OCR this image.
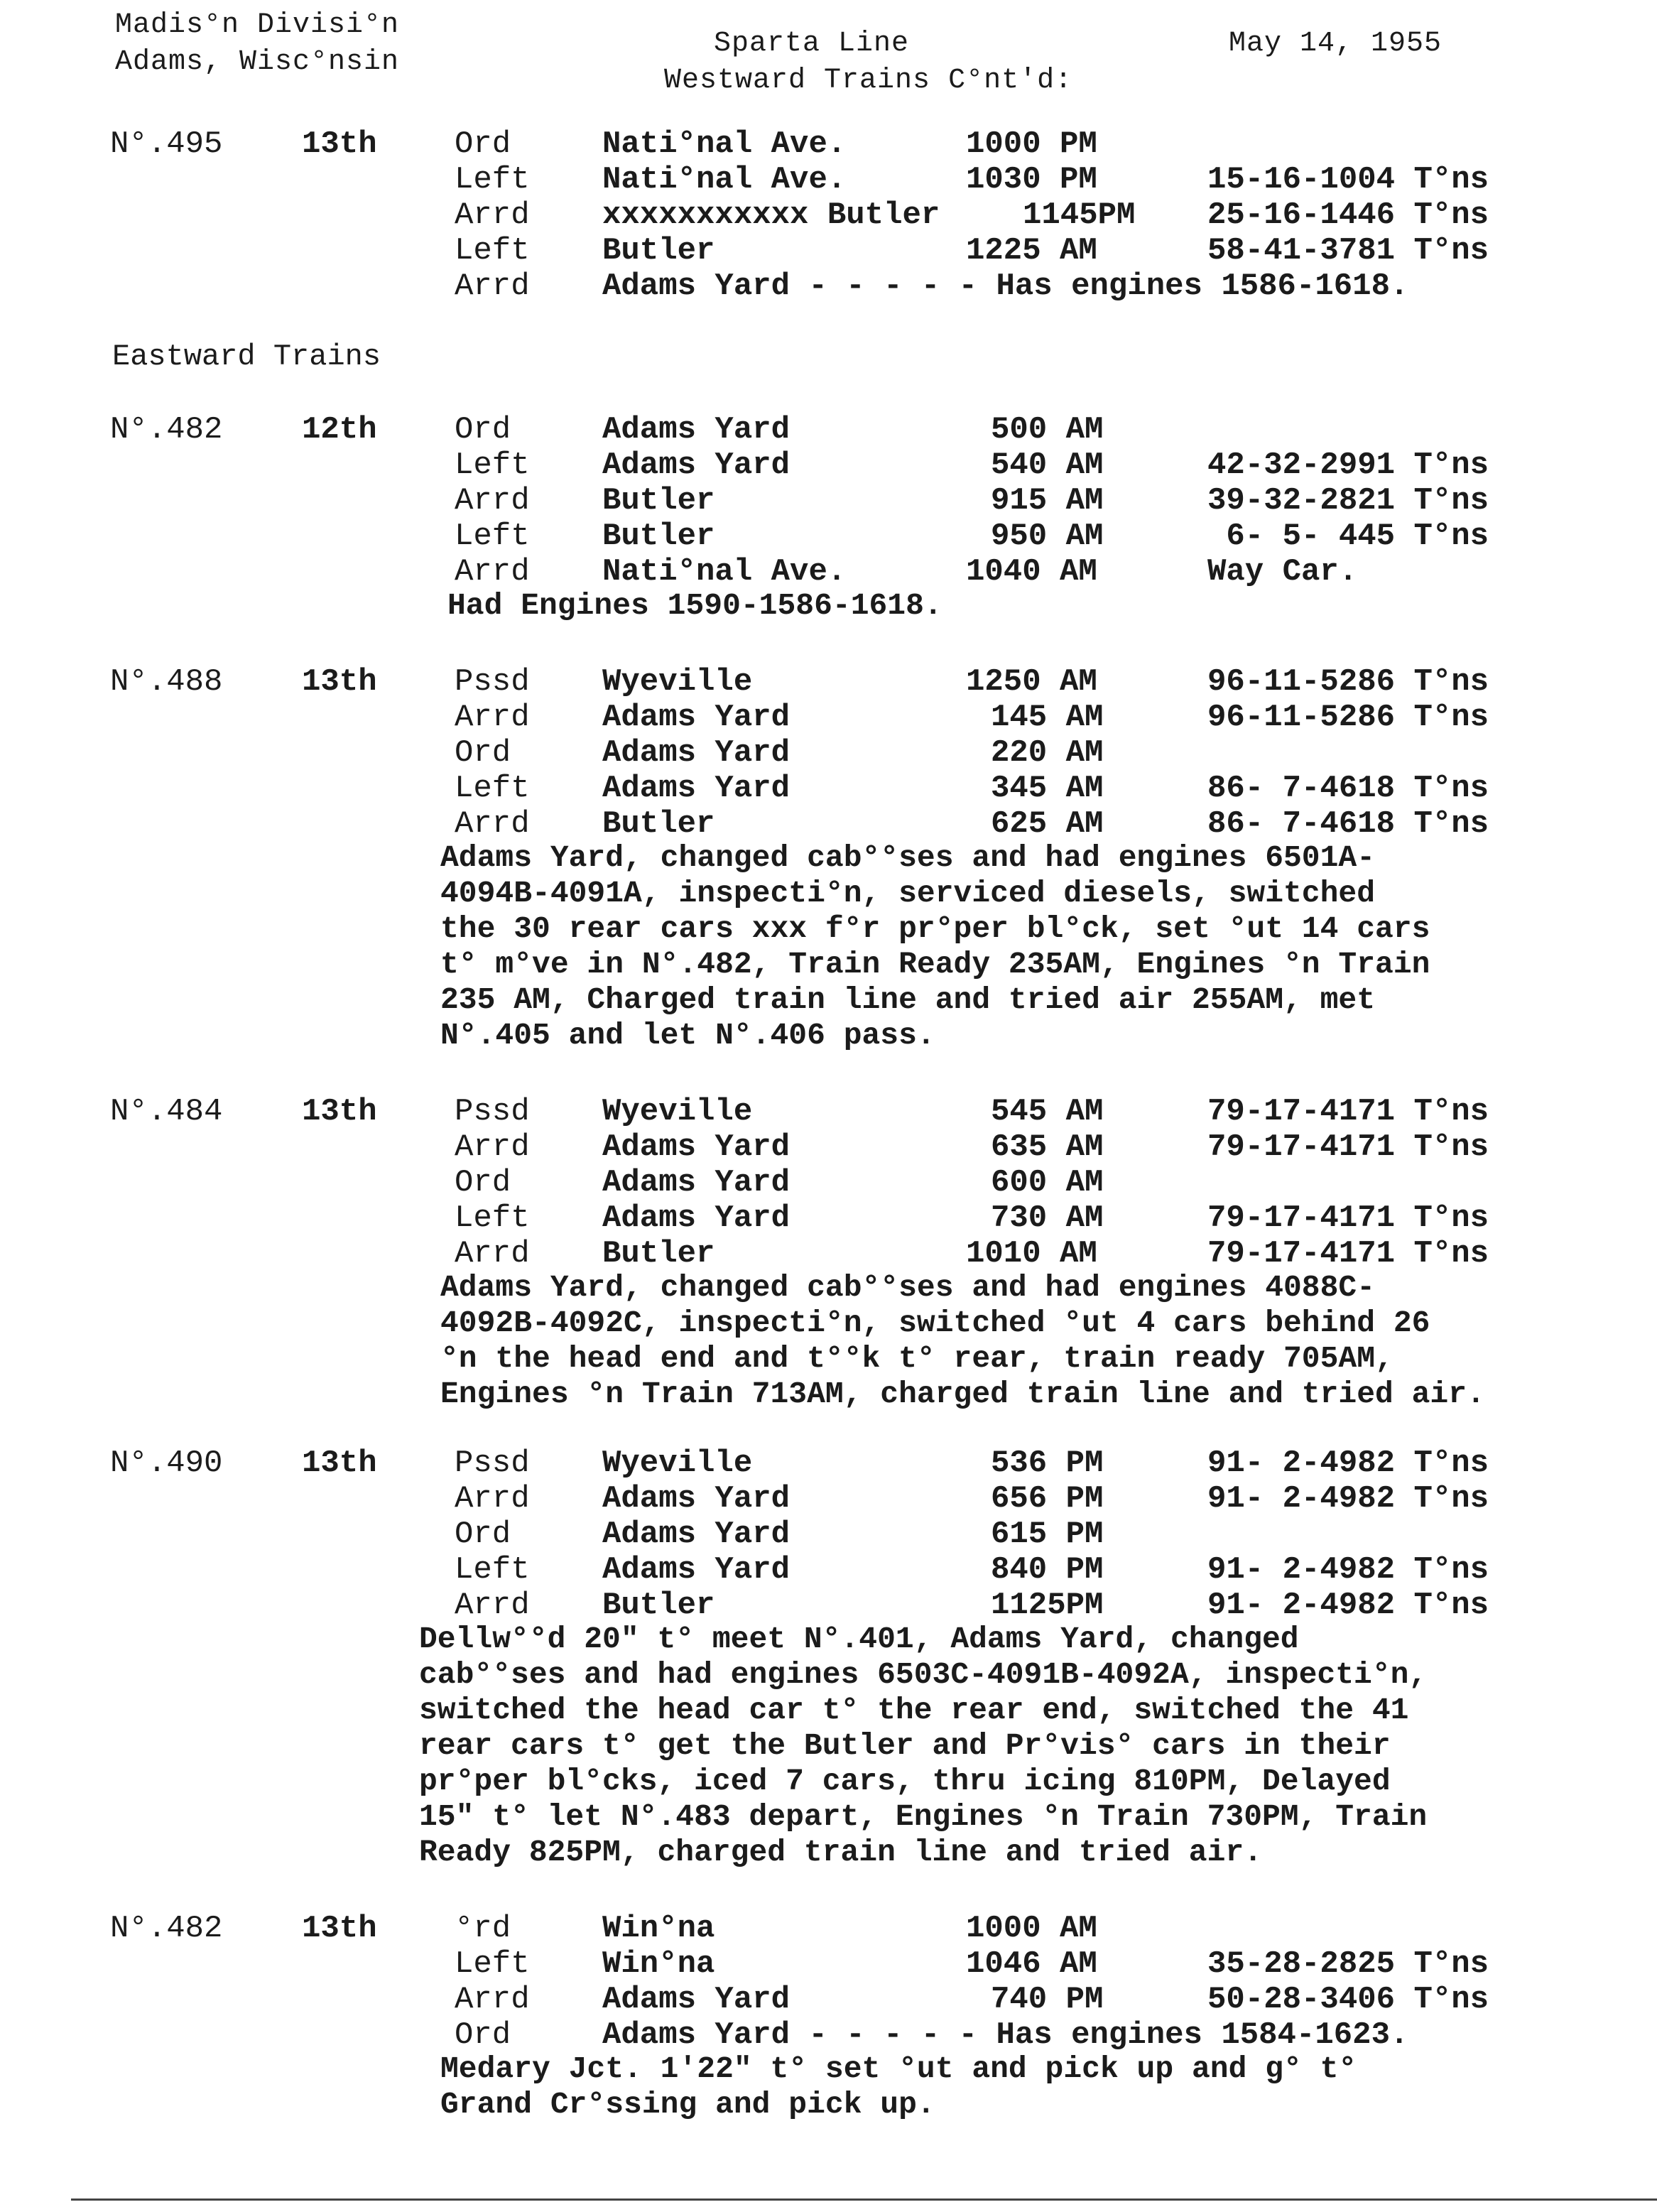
Madis°n Divisi°n
Adams, Wisc°nsin
Sparta Line
Westward Trains C°nt'd:
May 14, 1955
N°.495	13th Ord	Nati°nal Ave.	1000 PM
Left Nati°nal Ave.	1030 PM	15-16-1004 T°ns
Arrd xxxxxxxxxxx Butler	1145PM 25-16-1446 T°ns
Left Butler	1225 AM	58-41-3781 T°ns
Arrd Adams Yard - - - - - Has engines 1586-1618.
Eastward Trains
N°.482	12th Ord	Adams Yard	500 AM
Left Adams Yard	540 AM	42-32-2991 T°ns
Arrd Butler	915 AM	39-32-2821 T°ns
Left Butler	950 AM	6- 5- 445 T°ns
Arrd Nati°nal Ave.	1040 AM	Way Car.
Had Engines 1590-1586-1618.
N°.488	13th Pssd Wyeville	1250 AM	96-11-5286 T°ns
Arrd Adams Yard	145 AM	96-11-5286 T°ns
Ord	Adams Yard	220 AM
Left Adams Yard	345 AM	86- 7-4618 T°ns
Arrd Butler	625 AM	86- 7-4618 T°ns
Adams Yard, changed cab°°ses and had engines 6501A-
4094B-4091A, inspecti°n, serviced diesels, switched
the 30 rear cars xxx f°r pr°per bl°ck, set °ut 14 cars
t° m°ve in N°.482, Train Ready 235AM, Engines °n Train
235 AM, Charged train line and tried air 255AM, met
N°.405 and let N°.406 pass.
N°.484	13th Pssd Wyeville	545 AM	79-17-4171 T°ns
Arrd Adams Yard	635 AM	79-17-4171 T°ns
Ord	Adams Yard	600 AM
Left Adams Yard	730 AM	79-17-4171 T°ns
Arrd Butler	1010 AM	79-17-4171 T°ns
Adams Yard, changed cab°°ses and had engines 4088C-
4092B-4092C, inspecti°n, switched °ut 4 cars behind 26
°n the head end and t°°k t° rear, train ready 705AM,
Engines °n Train 713AM, charged train line and tried air.
N°.490	13th Pssd Wyeville	536 PM	91- 2-4982 T°ns
Arrd Adams Yard	656 PM	91- 2-4982 T°ns
Ord	Adams Yard	615 PM
Left Adams Yard	840 PM	91- 2-4982 T°ns
Arrd Butler	1125PM	91- 2-4982 T°ns
Dellw°°d 20" t° meet N°.401, Adams Yard, changed
cab°°ses and had engines 6503C-4091B-4092A, inspecti°n,
switched the head car t° the rear end, switched the 41
rear cars t° get the Butler and Pr°vis° cars in their
pr°per bl°cks, iced 7 cars, thru icing 810PM, Delayed
15" t° let N°.483 depart, Engines °n Train 730PM, Train
Ready 825PM, charged train line and tried air.
N°.482	13th °rd	Win°na	1000 AM
Left Win°na	1046 AM	35-28-2825 T°ns
Arrd Adams Yard	740 PM	50-28-3406 T°ns
Ord	Adams Yard - - - - - Has engines 1584-1623.
Medary Jct. 1'22" t° set °ut and pick up and g° t°
Grand Cr°ssing and pick up.
